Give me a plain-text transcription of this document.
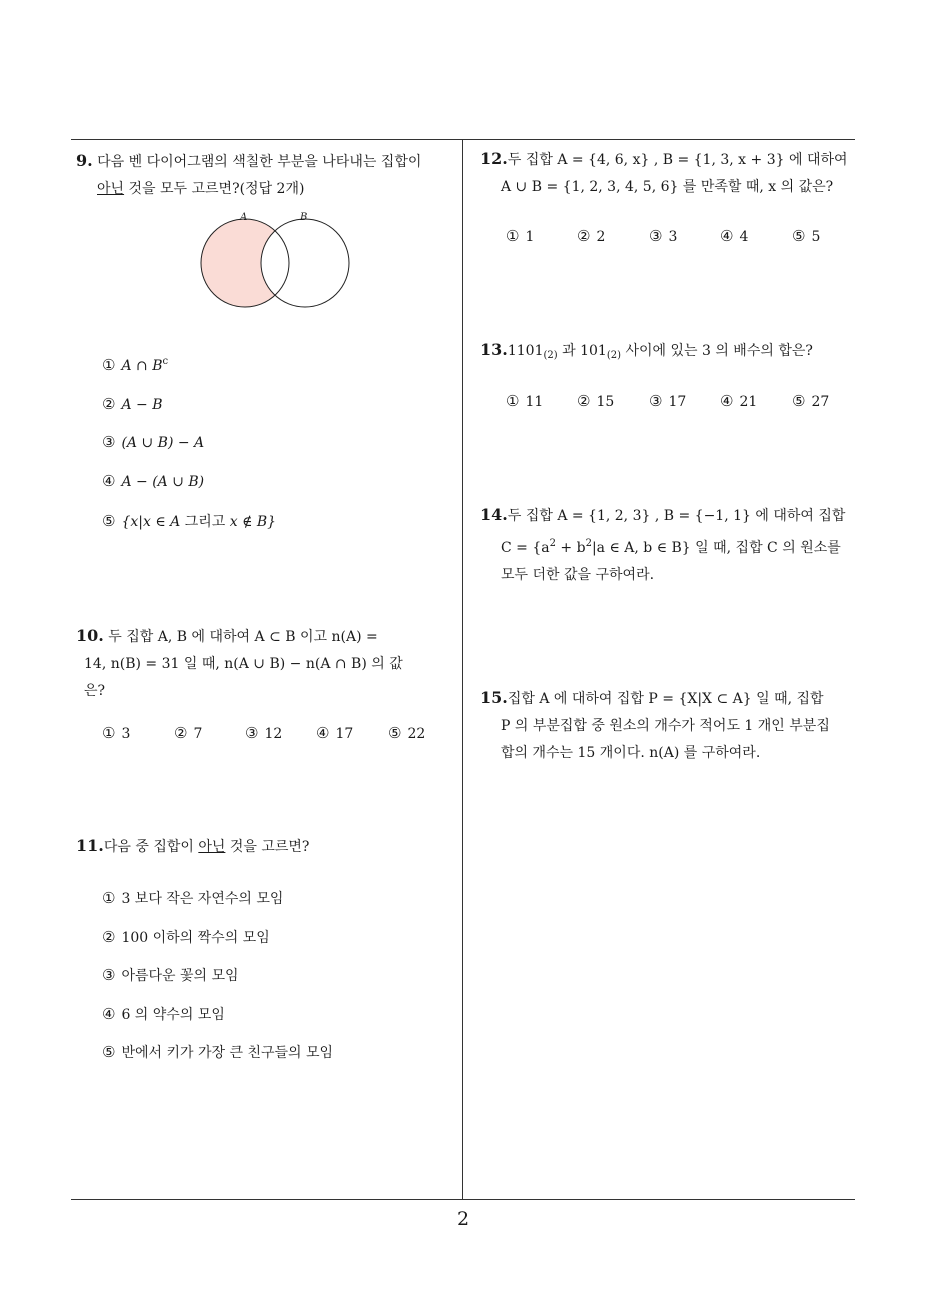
2
9. 다음 벤 다이어그램의 색칠한 부분을 나타내는 집합이
아닌 것을 모두 고르면?(정답 2개)
A	B
① A ∩ $B^c$
② A − B
③ (A ∪ B) − A
④ A − (A ∪ B)
⑤ {x|x ∈ A 그리고 x ∉ B}
10. 두 집합 A, B 에 대하여 A ⊂ B 이고 n(A) =
14, n(B) = 31 일 때, n(A ∪ B) − n(A ∩ B) 의 값
은?
① 3	② 7	③ 12 ④ 17 ⑤ 22
11.다음 중 집합이 아닌 것을 고르면?
① 3 보다 작은 자연수의 모임
② 100 이하의 짝수의 모임
③ 아름다운 꽃의 모임
④ 6 의 약수의 모임
⑤ 반에서 키가 가장 큰 친구들의 모임
12.두 집합 A = {4, 6, x} , B = {1, 3, x + 3} 에 대하여
A ∪ B = {1, 2, 3, 4, 5, 6} 를 만족할 때, x 의 값은?
① 1	② 2	③ 3	④ 4	⑤ 5
$13.1101_{(2)}$ 과 $101_{(2)}$ 사이에 있는 3 의 배수의 합은?
① 11 ② 15 ③ 17 ④ 21 ⑤ 27
14.두 집합 A = {1, 2, 3} , B = {−1, 1} 에 대하여 집합
$C = \{a^2 + b^2|a$ ∈ A, b ∈ B} 일 때, 집합 C 의 원소를
모두 더한 값을 구하여라.
15.집합 A 에 대하여 집합 P = {X|X ⊂ A} 일 때, 집합
P 의 부분집합 중 원소의 개수가 적어도 1 개인 부분집
합의 개수는 15 개이다. n(A) 를 구하여라.
